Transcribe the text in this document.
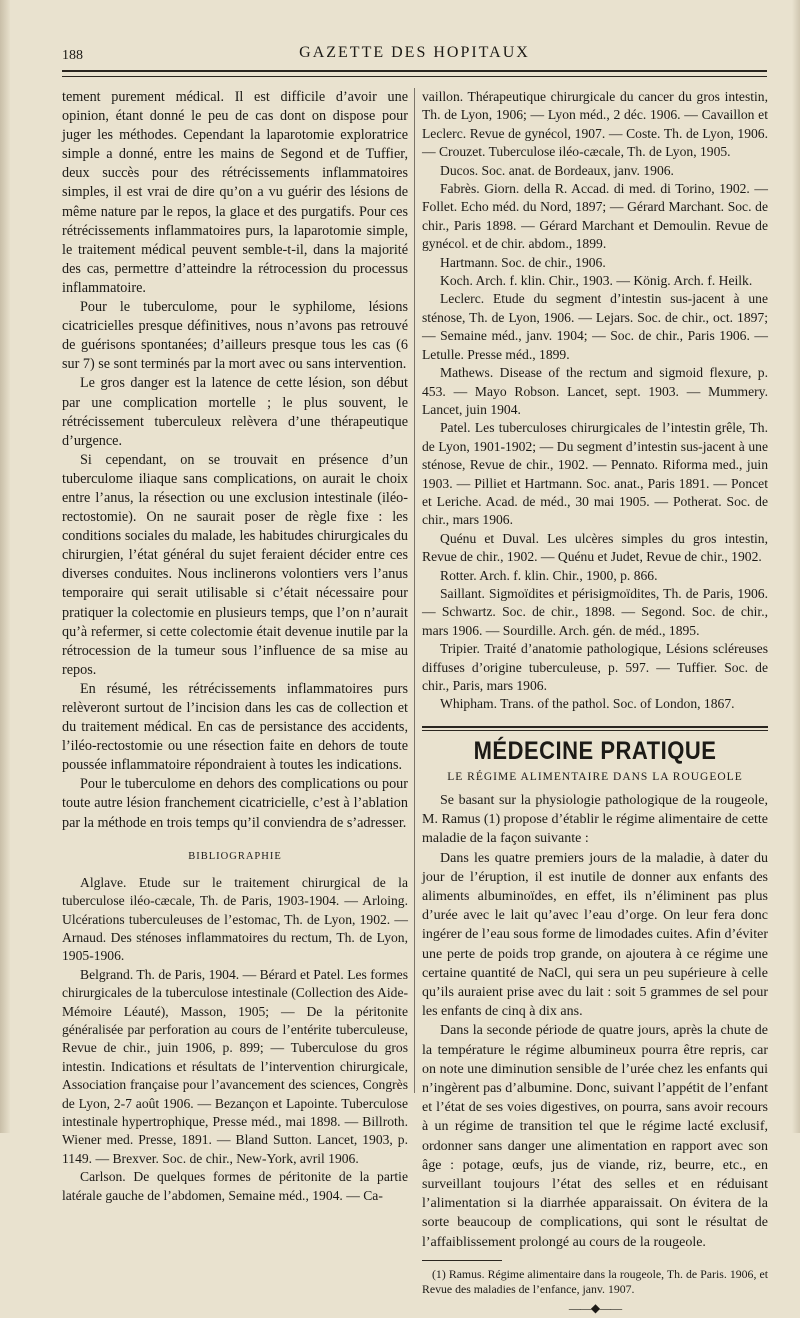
188	GAZETTE DES HOPITAUX

tement purement médical. Il est difficile d’avoir une opinion, étant donné le peu de cas dont on dispose pour juger les méthodes. Cependant la laparotomie exploratrice simple a donné, entre les mains de Segond et de Tuffier, deux succès pour des rétrécissements inflammatoires simples, il est vrai de dire qu’on a vu guérir des lésions de même nature par le repos, la glace et des purgatifs. Pour ces rétrécissements inflammatoires purs, la laparotomie simple, le traitement médical peuvent semble-t-il, dans la majorité des cas, permettre d’atteindre la rétrocession du processus inflammatoire.

Pour le tuberculome, pour le syphilome, lésions cicatricielles presque définitives, nous n’avons pas retrouvé de guérisons spontanées; d’ailleurs presque tous les cas (6 sur 7) se sont terminés par la mort avec ou sans intervention.

Le gros danger est la latence de cette lésion, son début par une complication mortelle ; le plus souvent, le rétrécissement tuberculeux relèvera d’une thérapeutique d’urgence.

Si cependant, on se trouvait en présence d’un tuberculome iliaque sans complications, on aurait le choix entre l’anus, la résection ou une exclusion intestinale (iléo-rectostomie). On ne saurait poser de règle fixe : les conditions sociales du malade, les habitudes chirurgicales du chirurgien, l’état général du sujet feraient décider entre ces diverses conduites. Nous inclinerons volontiers vers l’anus temporaire qui serait utilisable si c’était nécessaire pour pratiquer la colectomie en plusieurs temps, que l’on n’aurait qu’à refermer, si cette colectomie était devenue inutile par la rétrocession de la tumeur sous l’influence de sa mise au repos.

En résumé, les rétrécissements inflammatoires purs relèveront surtout de l’incision dans les cas de collection et du traitement médical. En cas de persistance des accidents, l’iléo-rectostomie ou une résection faite en dehors de toute poussée inflammatoire répondraient à toutes les indications.

Pour le tuberculome en dehors des complications ou pour toute autre lésion franchement cicatricielle, c’est à l’ablation par la méthode en trois temps qu’il conviendra de s’adresser.

BIBLIOGRAPHIE

Alglave. Etude sur le traitement chirurgical de la tuberculose iléo-cæcale, Th. de Paris, 1903-1904. — Arloing. Ulcérations tuberculeuses de l’estomac, Th. de Lyon, 1902. — Arnaud. Des sténoses inflammatoires du rectum, Th. de Lyon, 1905-1906.

Belgrand. Th. de Paris, 1904. — Bérard et Patel. Les formes chirurgicales de la tuberculose intestinale (Collection des Aide-Mémoire Léauté), Masson, 1905; — De la péritonite généralisée par perforation au cours de l’entérite tuberculeuse, Revue de chir., juin 1906, p. 899; — Tuberculose du gros intestin. Indications et résultats de l’intervention chirurgicale, Association française pour l’avancement des sciences, Congrès de Lyon, 2-7 août 1906. — Bezançon et Lapointe. Tuberculose intestinale hypertrophique, Presse méd., mai 1898. — Billroth. Wiener med. Presse, 1891. — Bland Sutton. Lancet, 1903, p. 1149. — Brexver. Soc. de chir., New-York, avril 1906.

Carlson. De quelques formes de péritonite de la partie latérale gauche de l’abdomen, Semaine méd., 1904. — Ca-

vaillon. Thérapeutique chirurgicale du cancer du gros intestin, Th. de Lyon, 1906; — Lyon méd., 2 déc. 1906. — Cavaillon et Leclerc. Revue de gynécol, 1907. — Coste. Th. de Lyon, 1906. — Crouzet. Tuberculose iléo-cæcale, Th. de Lyon, 1905.

Ducos. Soc. anat. de Bordeaux, janv. 1906.

Fabrès. Giorn. della R. Accad. di med. di Torino, 1902. — Follet. Echo méd. du Nord, 1897; — Gérard Marchant. Soc. de chir., Paris 1898. — Gérard Marchant et Demoulin. Revue de gynécol. et de chir. abdom., 1899.

Hartmann. Soc. de chir., 1906.

Koch. Arch. f. klin. Chir., 1903. — König. Arch. f. Heilk.

Leclerc. Etude du segment d’intestin sus-jacent à une sténose, Th. de Lyon, 1906. — Lejars. Soc. de chir., oct. 1897; — Semaine méd., janv. 1904; — Soc. de chir., Paris 1906. — Letulle. Presse méd., 1899.

Mathews. Disease of the rectum and sigmoid flexure, p. 453. — Mayo Robson. Lancet, sept. 1903. — Mummery. Lancet, juin 1904.

Patel. Les tuberculoses chirurgicales de l’intestin grêle, Th. de Lyon, 1901-1902; — Du segment d’intestin sus-jacent à une sténose, Revue de chir., 1902. — Pennato. Riforma med., juin 1903. — Pilliet et Hartmann. Soc. anat., Paris 1891. — Poncet et Leriche. Acad. de méd., 30 mai 1905. — Potherat. Soc. de chir., mars 1906.

Quénu et Duval. Les ulcères simples du gros intestin, Revue de chir., 1902. — Quénu et Judet, Revue de chir., 1902.

Rotter. Arch. f. klin. Chir., 1900, p. 866.

Saillant. Sigmoïdites et périsigmoïdites, Th. de Paris, 1906. — Schwartz. Soc. de chir., 1898. — Segond. Soc. de chir., mars 1906. — Sourdille. Arch. gén. de méd., 1895.

Tripier. Traité d’anatomie pathologique, Lésions scléreuses diffuses d’origine tuberculeuse, p. 597. — Tuffier. Soc. de chir., Paris, mars 1906.

Whipham. Trans. of the pathol. Soc. of London, 1867.

MÉDECINE PRATIQUE
LE RÉGIME ALIMENTAIRE DANS LA ROUGEOLE

Se basant sur la physiologie pathologique de la rougeole, M. Ramus (1) propose d’établir le régime alimentaire de cette maladie de la façon suivante :

Dans les quatre premiers jours de la maladie, à dater du jour de l’éruption, il est inutile de donner aux enfants des aliments albuminoïdes, en effet, ils n’éliminent pas plus d’urée avec le lait qu’avec l’eau d’orge. On leur fera donc ingérer de l’eau sous forme de limodades cuites. Afin d’éviter une perte de poids trop grande, on ajoutera à ce régime une certaine quantité de NaCl, qui sera un peu supérieure à celle qu’ils auraient prise avec du lait : soit 5 grammes de sel pour les enfants de cinq à dix ans.

Dans la seconde période de quatre jours, après la chute de la température le régime albumineux pourra être repris, car on note une diminution sensible de l’urée chez les enfants qui n’ingèrent pas d’albumine. Donc, suivant l’appétit de l’enfant et l’état de ses voies digestives, on pourra, sans avoir recours à un régime de transition tel que le régime lacté exclusif, ordonner sans danger une alimentation en rapport avec son âge : potage, œufs, jus de viande, riz, beurre, etc., en surveillant toujours l’état des selles et en réduisant l’alimentation si la diarrhée apparaissait. On évitera de la sorte beaucoup de complications, qui sont le résultat de l’affaiblissement prolongé au cours de la rougeole.

(1) Ramus. Régime alimentaire dans la rougeole, Th. de Paris. 1906, et Revue des maladies de l’enfance, janv. 1907.

——◆——
